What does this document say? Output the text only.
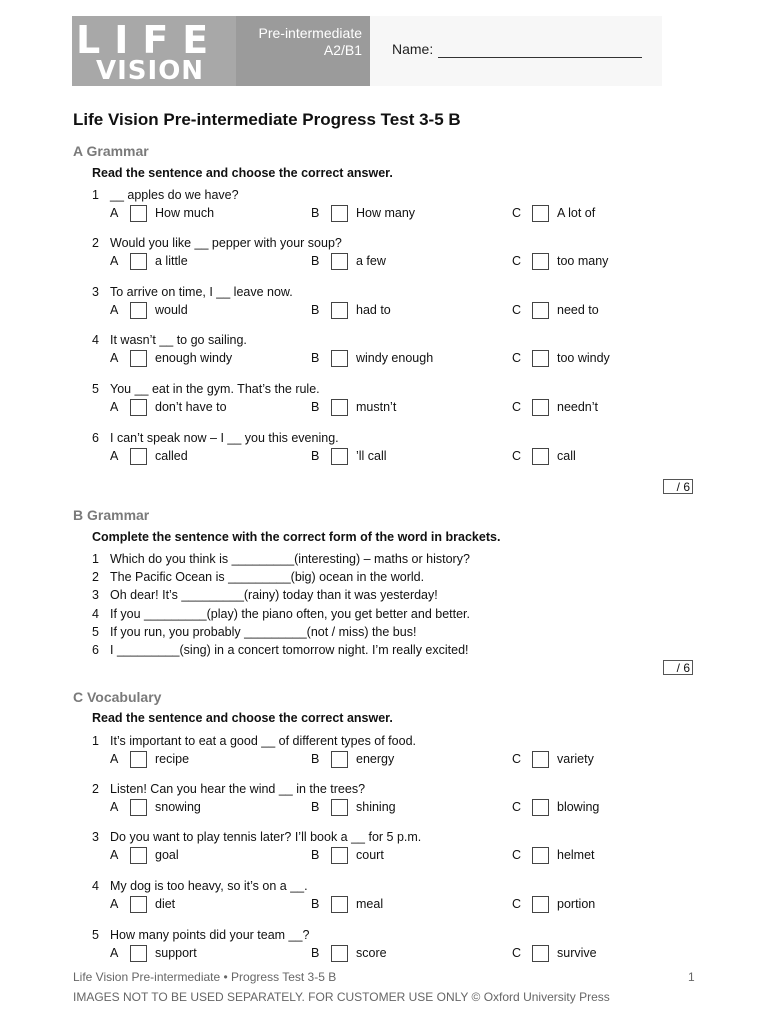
LIFE
VISION
Pre-intermediate
A2/B1 Name:
Life Vision Pre-intermediate Progress Test 3-5 B
A Grammar
Read the sentence and choose the correct answer.
1 __ apples do we have?
A	How much	B	How many	C	A lot of
2 Would you like __ pepper with your soup?
A	a little	B	a few	C	too many
3 To arrive on time, I __ leave now.
A	would	B	had to	C	need to
4 It wasn’t __ to go sailing.
A	enough windy	B	windy enough	C	too windy
5 You __ eat in the gym. That’s the rule.
A	don’t have to	B	mustn’t	C	needn’t
6 I can’t speak now – I __ you this evening.
A	called	B	’ll call	C	call
/ 6
B Grammar
Complete the sentence with the correct form of the word in brackets.
1 Which do you think is _________(interesting) – maths or history?
2 The Pacific Ocean is _________(big) ocean in the world.
3 Oh dear! It’s _________(rainy) today than it was yesterday!
4 If you _________(play) the piano often, you get better and better.
5 If you run, you probably _________(not / miss) the bus!
6 I _________(sing) in a concert tomorrow night. I’m really excited!
/ 6
C Vocabulary
Read the sentence and choose the correct answer.
1 It’s important to eat a good __ of different types of food.
A	recipe	B	energy	C	variety
2 Listen! Can you hear the wind __ in the trees?
A	snowing	B	shining	C	blowing
3 Do you want to play tennis later? I’ll book a __ for 5 p.m.
A	goal	B	court	C	helmet
4 My dog is too heavy, so it’s on a __.
A	diet	B	meal	C	portion
5 How many points did your team __?
A	support	B	score	C	survive
Life Vision Pre-intermediate • Progress Test 3-5 B	1
IMAGES NOT TO BE USED SEPARATELY. FOR CUSTOMER USE ONLY © Oxford University Press
